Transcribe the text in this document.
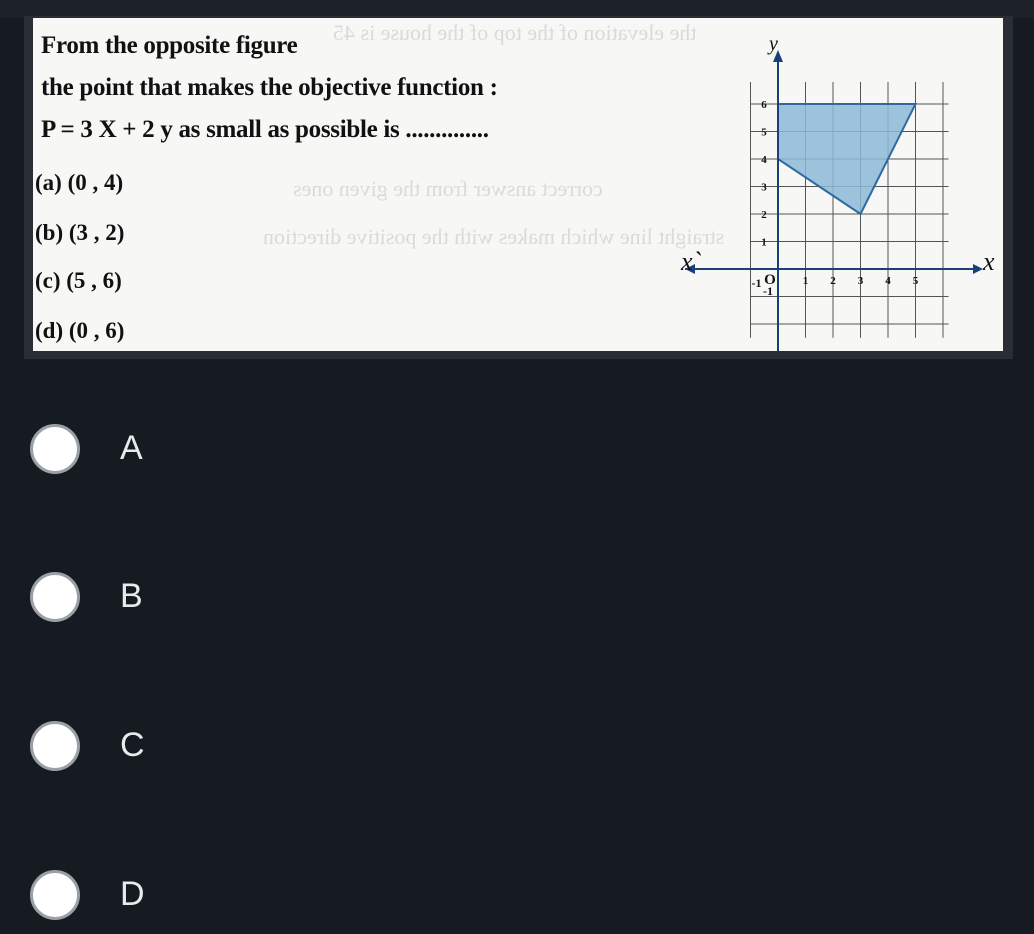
the elevation of the top of the house is 45
correct answer from the given ones
straight line which makes with the positive direction
From the opposite figure
the point that makes the objective function :
P = 3 X + 2 y as small as possible is ..............
(a) (0 , 4)
(b) (3 , 2)
(c) (5 , 6)
(d) (0 , 6)
1
2
3
4
5
6
1 2 3 4 5
-1 O
-1
x
x`
y
A
B
C
D
